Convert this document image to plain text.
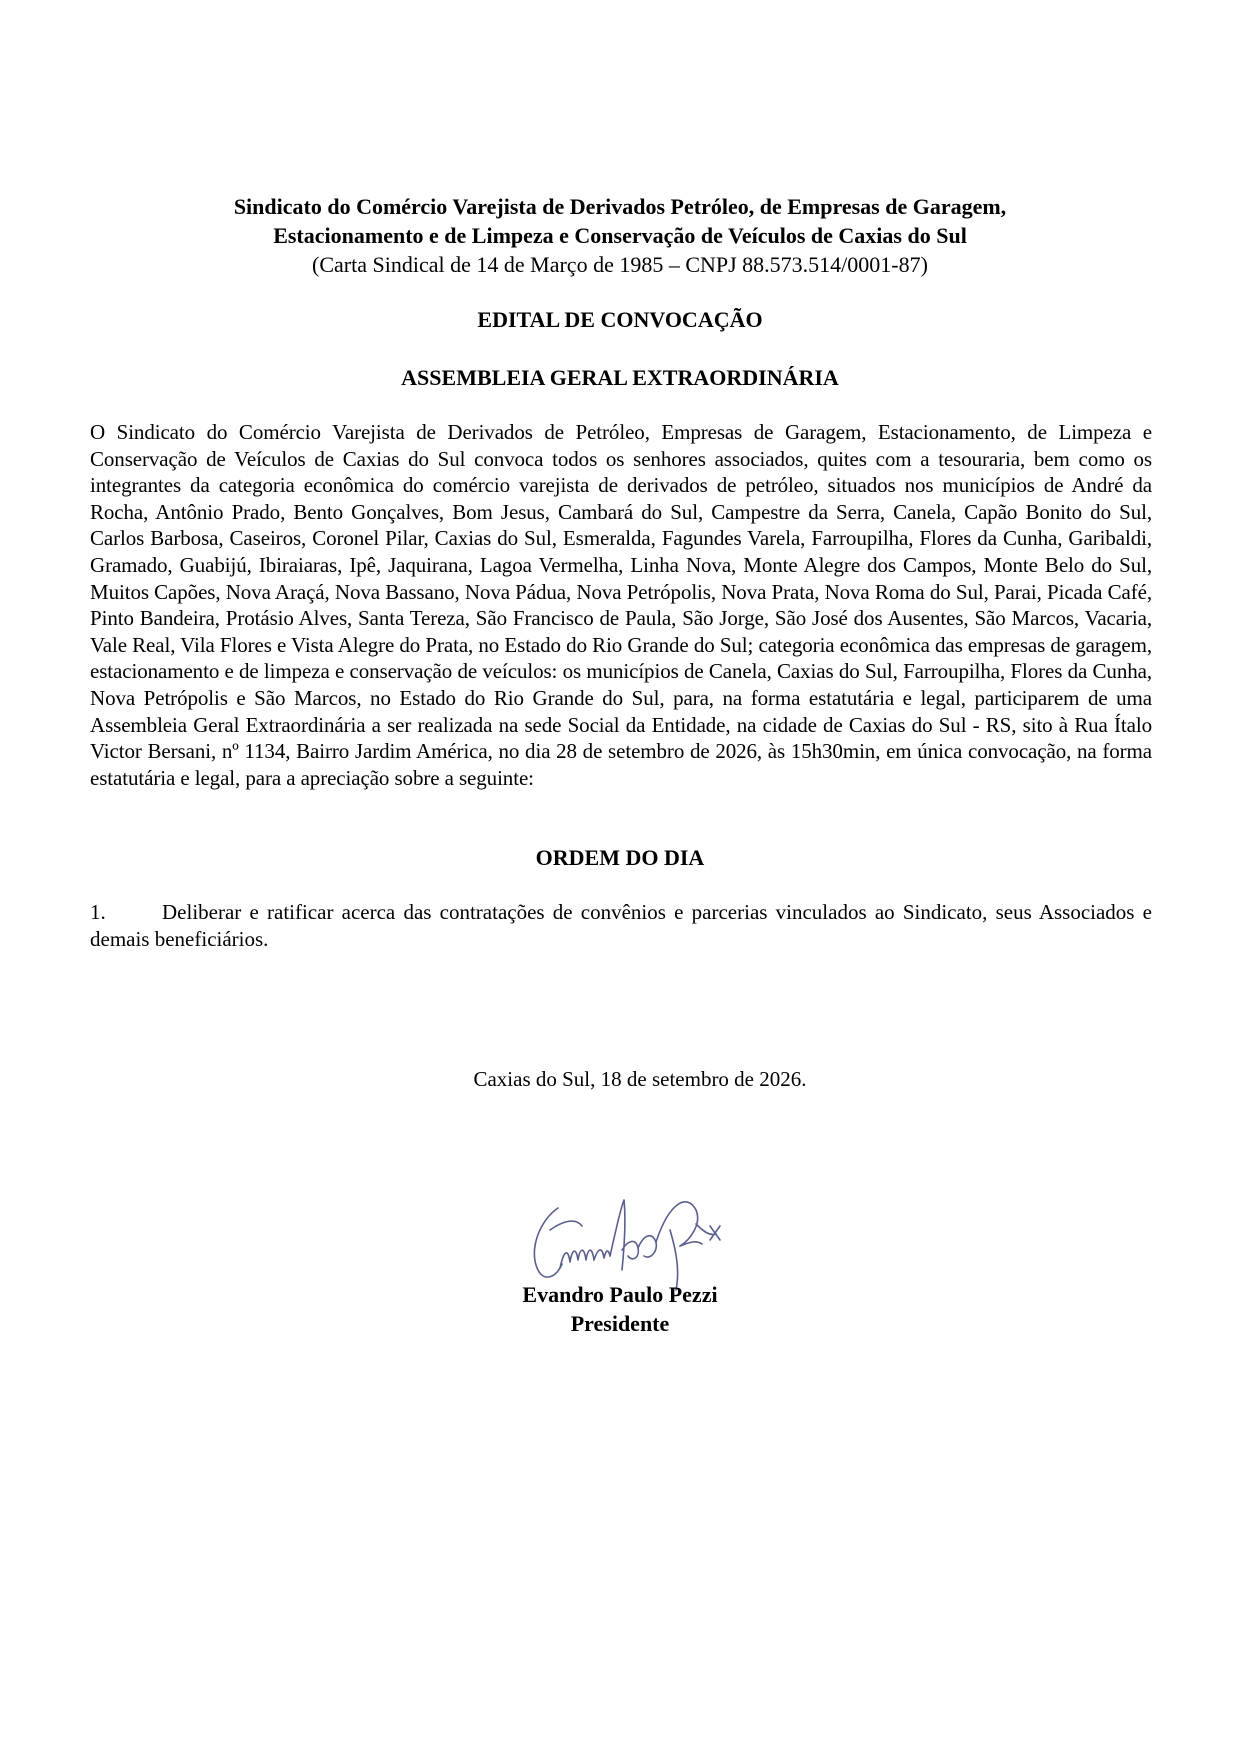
Sindicato do Comércio Varejista de Derivados Petróleo, de Empresas de Garagem,
Estacionamento e de Limpeza e Conservação de Veículos de Caxias do Sul
(Carta Sindical de 14 de Março de 1985 – CNPJ 88.573.514/0001-87)
EDITAL DE CONVOCAÇÃO
ASSEMBLEIA GERAL EXTRAORDINÁRIA
O Sindicato do Comércio Varejista de Derivados de Petróleo, Empresas de Garagem, Estacionamento, de Limpeza e Conservação de Veículos de Caxias do Sul convoca todos os senhores associados, quites com a tesouraria, bem como os integrantes da categoria econômica do comércio varejista de derivados de petróleo, situados nos municípios de André da Rocha, Antônio Prado, Bento Gonçalves, Bom Jesus, Cambará do Sul, Campestre da Serra, Canela, Capão Bonito do Sul, Carlos Barbosa, Caseiros, Coronel Pilar, Caxias do Sul, Esmeralda, Fagundes Varela, Farroupilha, Flores da Cunha, Garibaldi, Gramado, Guabijú, Ibiraiaras, Ipê, Jaquirana, Lagoa Vermelha, Linha Nova, Monte Alegre dos Campos, Monte Belo do Sul, Muitos Capões, Nova Araçá, Nova Bassano, Nova Pádua, Nova Petrópolis, Nova Prata, Nova Roma do Sul, Parai, Picada Café, Pinto Bandeira, Protásio Alves, Santa Tereza, São Francisco de Paula, São Jorge, São José dos Ausentes, São Marcos, Vacaria, Vale Real, Vila Flores e Vista Alegre do Prata, no Estado do Rio Grande do Sul; categoria econômica das empresas de garagem, estacionamento e de limpeza e conservação de veículos: os municípios de Canela, Caxias do Sul, Farroupilha, Flores da Cunha, Nova Petrópolis e São Marcos, no Estado do Rio Grande do Sul, para, na forma estatutária e legal, participarem de uma Assembleia Geral Extraordinária a ser realizada na sede Social da Entidade, na cidade de Caxias do Sul - RS, sito à Rua Ítalo Victor Bersani, nº 1134, Bairro Jardim América, no dia 28 de setembro de 2026, às 15h30min, em única convocação, na forma estatutária e legal, para a apreciação sobre a seguinte:
ORDEM DO DIA
1.	Deliberar e ratificar acerca das contratações de convênios e parcerias vinculados ao Sindicato, seus Associados e demais beneficiários.
Caxias do Sul, 18 de setembro de 2026.
Evandro Paulo Pezzi
Presidente
